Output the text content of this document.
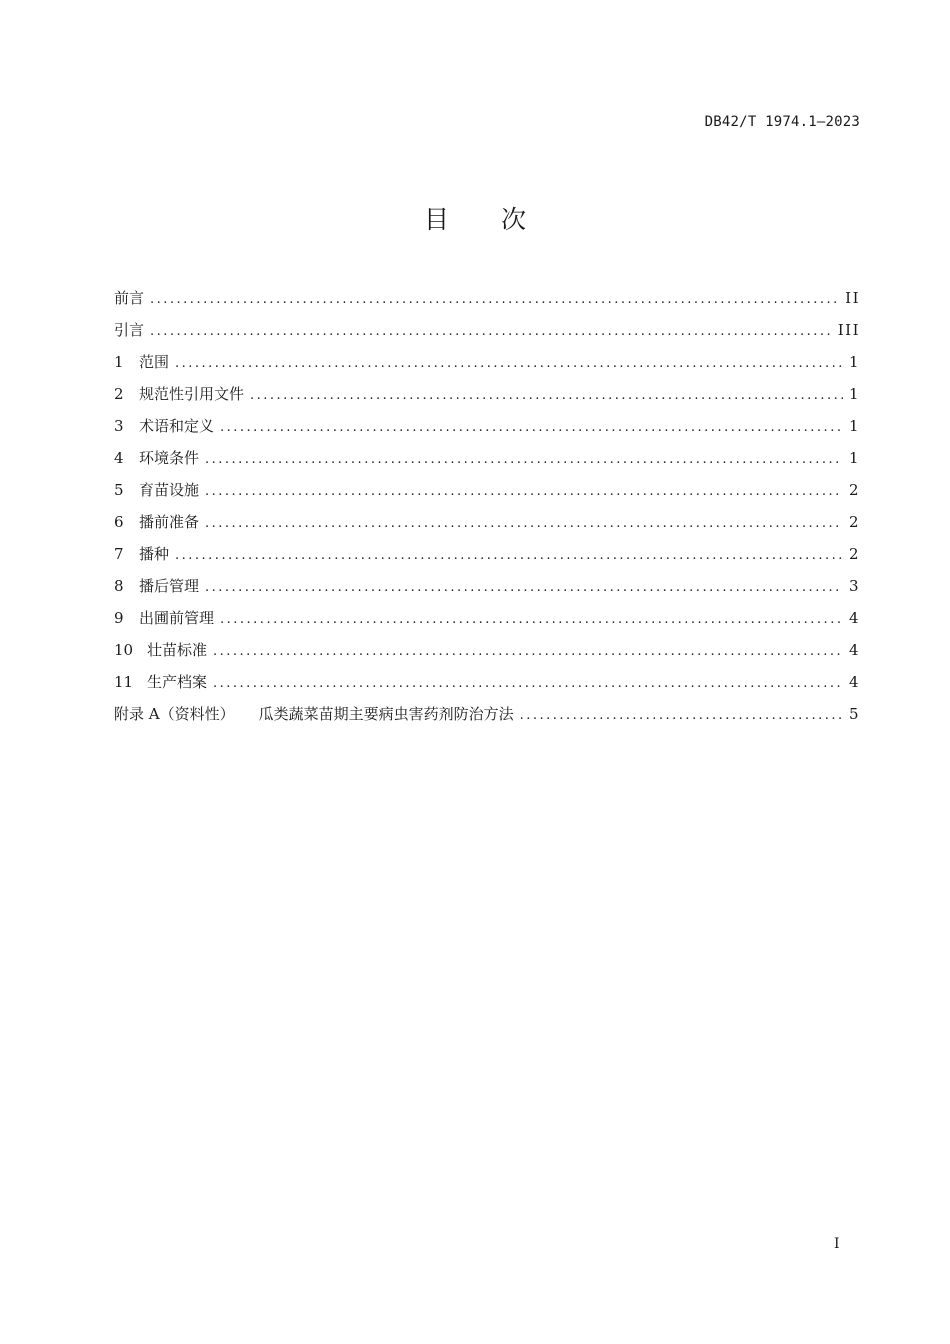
DB42/T 1974.1—2023
目次
前言 .....	II
引言 .....	III
1	范围 .....	1
2	规范性引用文件 .....	1
3	术语和定义 .....	1
4	环境条件 .....	1
5	育苗设施 .....	2
6	播前准备 .....	2
7	播种 .....	2
8	播后管理 .....	3
9	出圃前管理 .....	4
10 壮苗标准 .....	4
11 生产档案 .....	4
附录 A（资料性） 瓜类蔬菜苗期主要病虫害药剂防治方法 .....	5
I
